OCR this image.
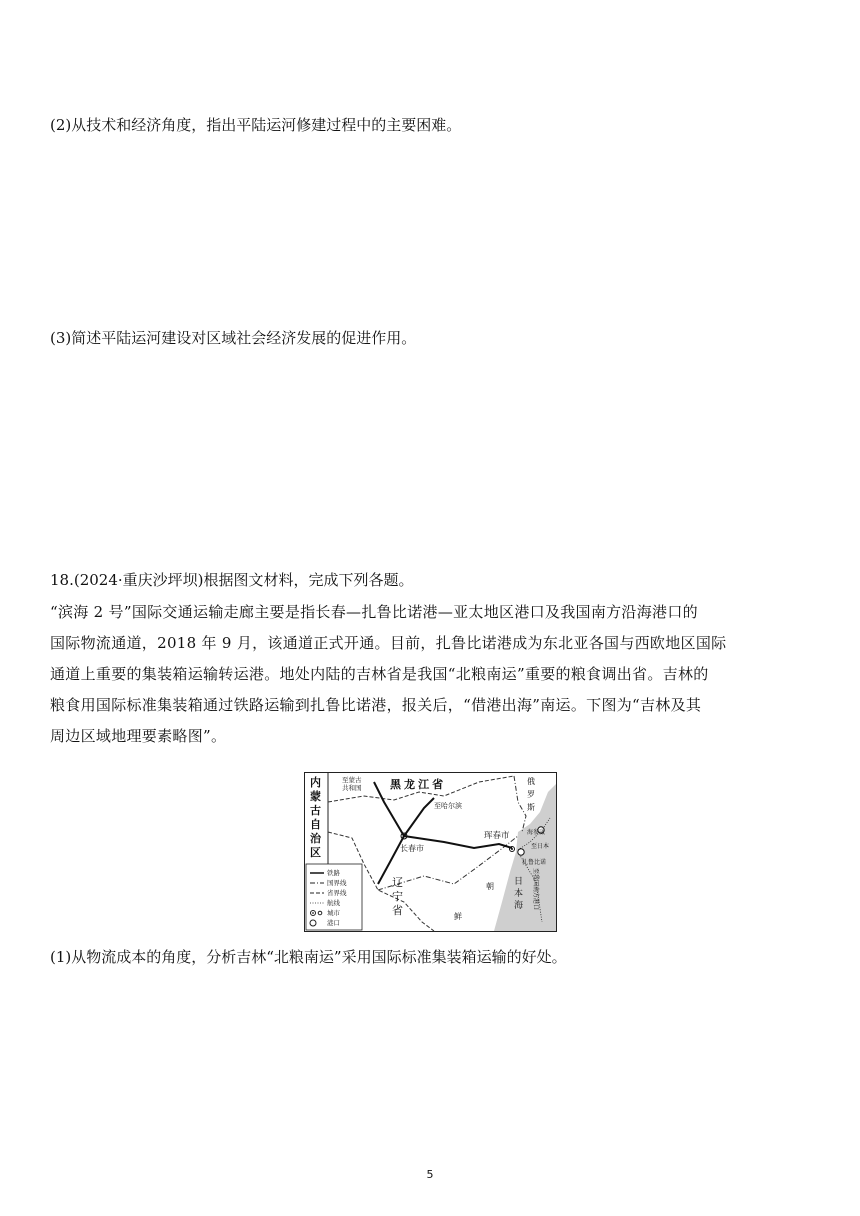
(2)从技术和经济角度，指出平陆运河修建过程中的主要困难。
(3)简述平陆运河建设对区域社会经济发展的促进作用。
18.(2024·重庆沙坪坝)根据图文材料，完成下列各题。

“滨海 2 号”国际交通运输走廊主要是指长春—扎鲁比诺港—亚太地区港口及我国南方沿海港口的

国际物流通道，2018 年 9 月，该通道正式开通。目前，扎鲁比诺港成为东北亚各国与西欧地区国际

通道上重要的集装箱运输转运港。地处内陆的吉林省是我国“北粮南运”重要的粮食调出省。吉林的

粮食用国际标准集装箱通过铁路运输到扎鲁比诺港，报关后，“借港出海”南运。下图为“吉林及其

周边区域地理要素略图”。

铁路
国界线
省界线
航线
城市
港口
内
蒙
古
自
治
区
黑 龙 江 省
至蒙古
共和国
至哈尔滨
俄
罗
斯
长春市
珲春市	海参崴
至日本
扎鲁比诺
日
本
海 至我国南方港口
辽
宁
省
朝
鲜
(1)从物流成本的角度，分析吉林“北粮南运”采用国际标准集装箱运输的好处。
5
